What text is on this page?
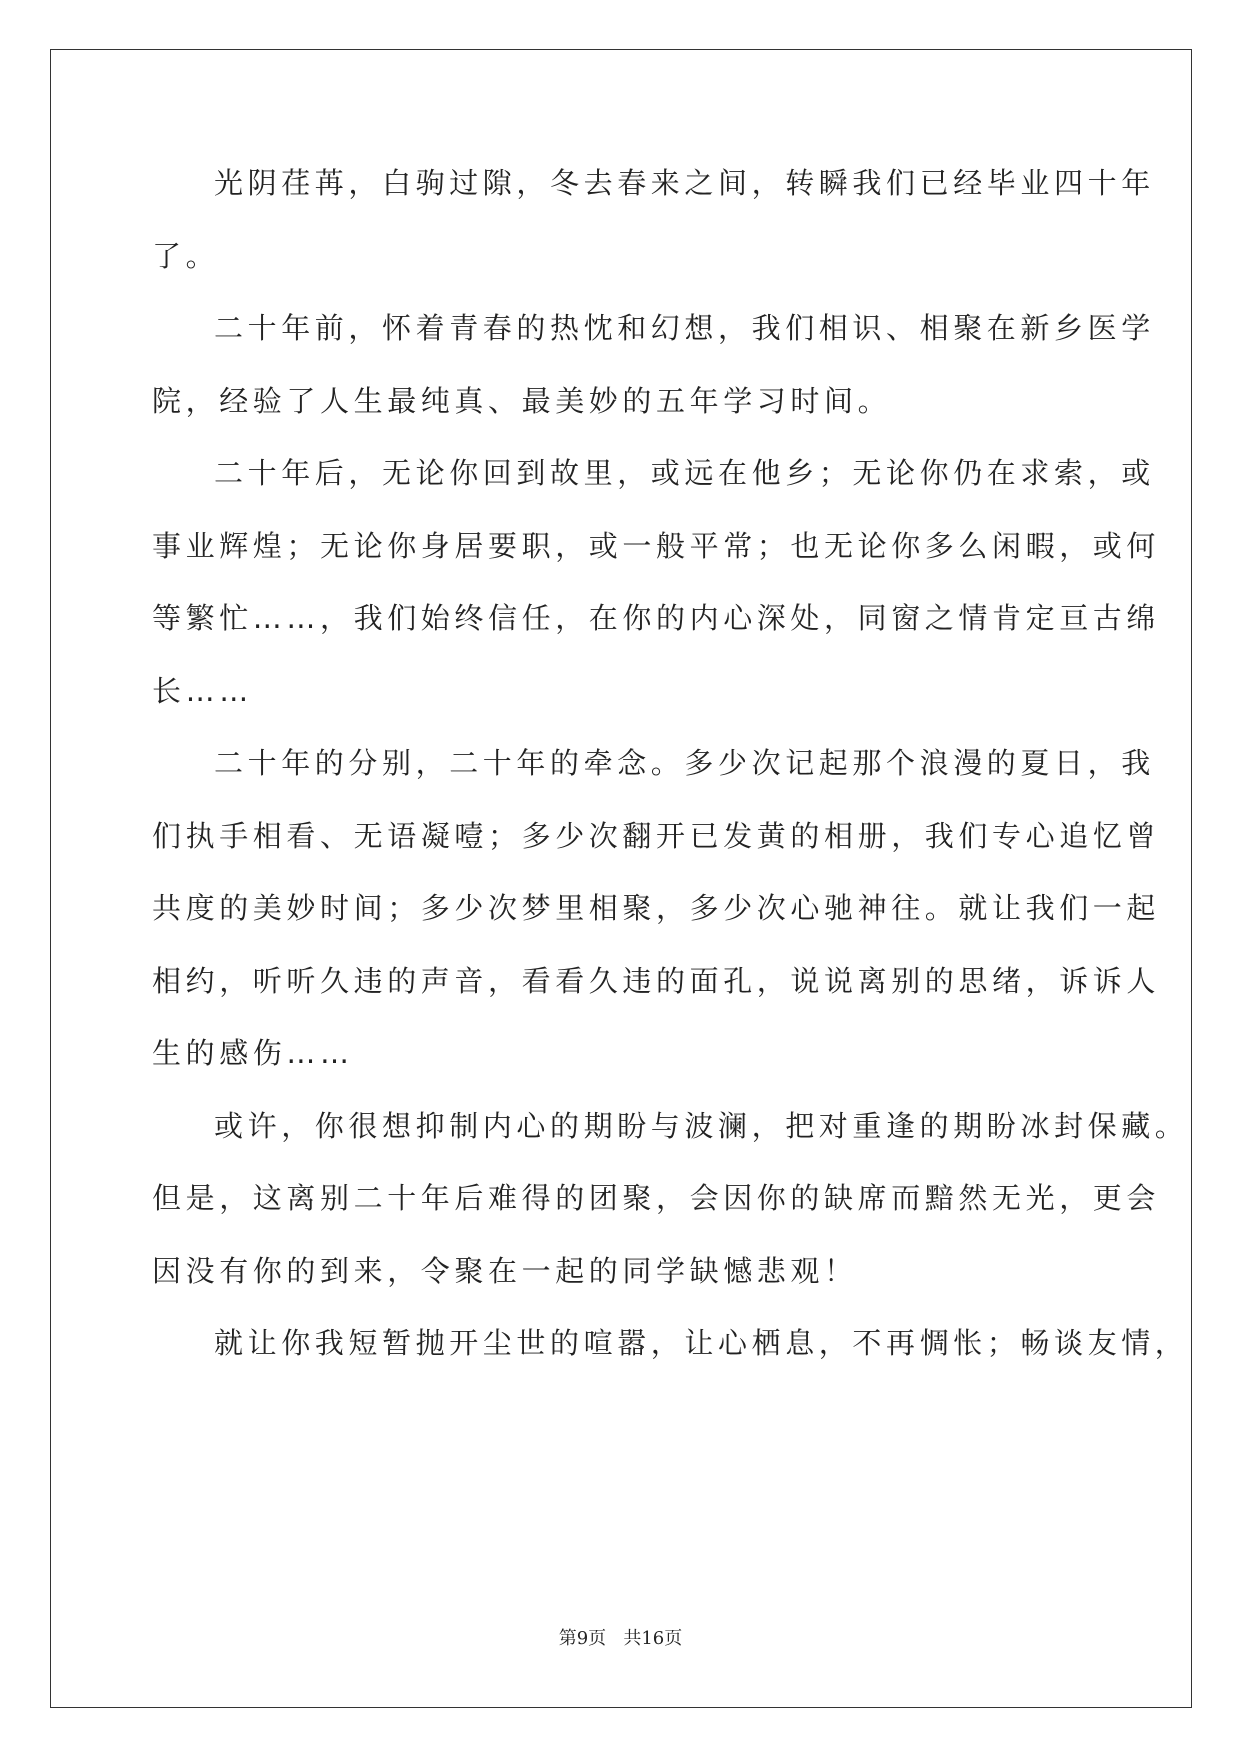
光阴荏苒，白驹过隙，冬去春来之间，转瞬我们已经毕业四十年
了。
二十年前，怀着青春的热忱和幻想，我们相识、相聚在新乡医学
院，经验了人生最纯真、最美妙的五年学习时间。
二十年后，无论你回到故里，或远在他乡；无论你仍在求索，或
事业辉煌；无论你身居要职，或一般平常；也无论你多么闲暇，或何
等繁忙……，我们始终信任，在你的内心深处，同窗之情肯定亘古绵
长……
二十年的分别，二十年的牵念。多少次记起那个浪漫的夏日，我
们执手相看、无语凝噎；多少次翻开已发黄的相册，我们专心追忆曾
共度的美妙时间；多少次梦里相聚，多少次心驰神往。就让我们一起
相约，听听久违的声音，看看久违的面孔，说说离别的思绪，诉诉人
生的感伤……
或许，你很想抑制内心的期盼与波澜，把对重逢的期盼冰封保藏。
但是，这离别二十年后难得的团聚，会因你的缺席而黯然无光，更会
因没有你的到来，令聚在一起的同学缺憾悲观！
就让你我短暂抛开尘世的喧嚣，让心栖息，不再惆怅；畅谈友情，
第9页   共16页
